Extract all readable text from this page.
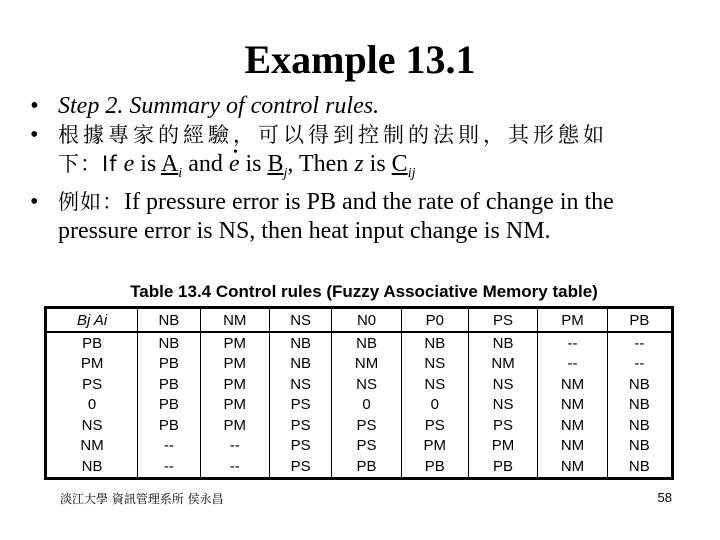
Example 13.1
• Step 2. Summary of control rules.
• 根據專家的經驗，可以得到控制的法則，其形態如
下：If e is $A_i$ and • e is $B_j$, Then z is $C_{ij}$
• 例如：If pressure error is PB and the rate of change in the pressure error is NS, then heat input change is NM.
Table 13.4 Control rules (Fuzzy Associative Memory table)
Bj Ai	NB	NM	NS	N0	P0	PS	PM	PB
PB	NB	PM	NB	NB	NB	NB	--	--
PM	PB	PM	NB	NM	NS	NM	--	--
PS	PB	PM	NS	NS	NS	NS	NM	NB
0	PB	PM	PS	0	0	NS	NM	NB
NS	PB	PM	PS	PS	PS	PS	NM	NB
NM	--	--	PS	PS	PM	PM	NM	NB
NB	--	--	PS	PB	PB	PB	NM	NB
淡江大學 資訊管理系所 侯永昌	58
